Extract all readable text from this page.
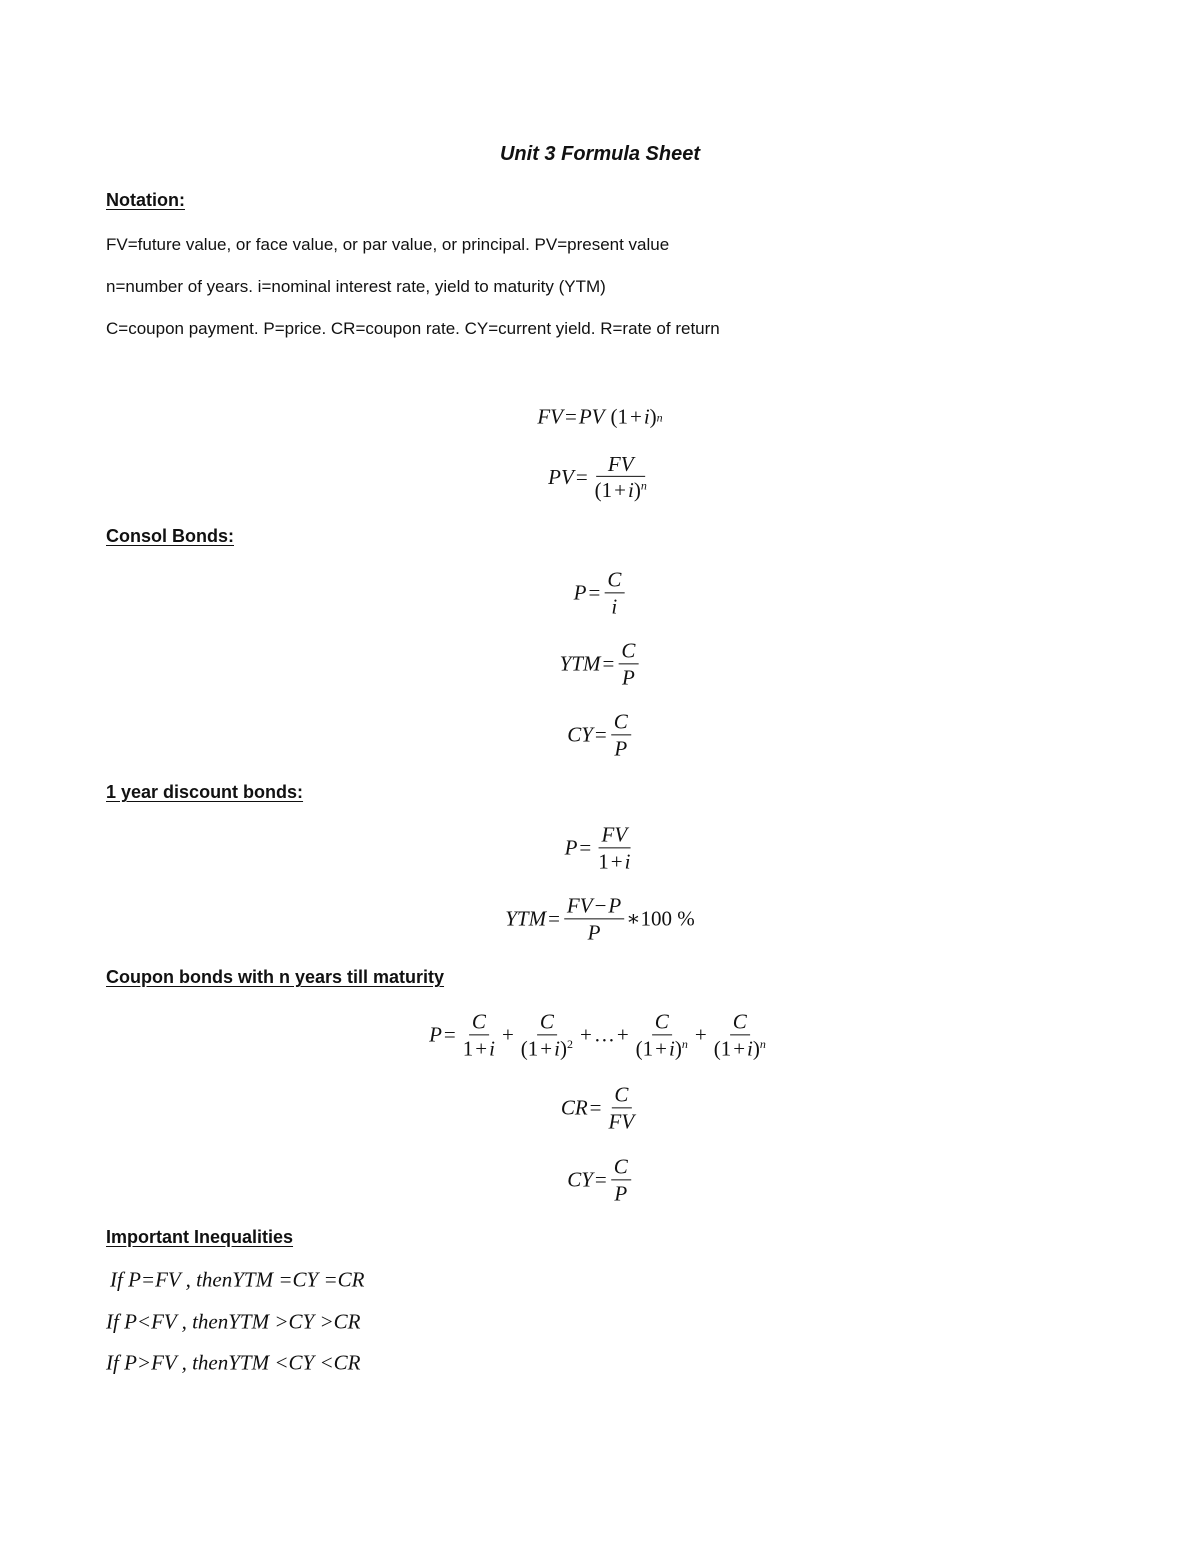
Unit 3 Formula Sheet
Notation:
FV=future value, or face value, or par value, or principal. PV=present value
n=number of years. i=nominal interest rate, yield to maturity (YTM)
C=coupon payment. P=price. CR=coupon rate. CY=current yield. R=rate of return
FV = PV ( 1 + i ) n
PV = $\frac{FV}{(1+i)^n}$
Consol Bonds:
$P = \frac{C}{i}$
YTM = $\frac{C}{P}$
CY = $\frac{C}{P}$
1 year discount bonds:
$P = \frac{FV}{1+i}$
YTM = $\frac{FV-P}{P}$ ∗100 %
Coupon bonds with n years till maturity
$P = \frac{C}{1+i} + \frac{C}{(1+i)^2}$ + … + $\frac{C}{(1+i)^n} + \frac{C}{(1+i)^n}$
CR = $\frac{C}{FV}$
CY = $\frac{C}{P}$
Important Inequalities
If P=FV , thenYTM =CY =CR
If P<FV , thenYTM >CY >CR
If P>FV , thenYTM <CY <CR
